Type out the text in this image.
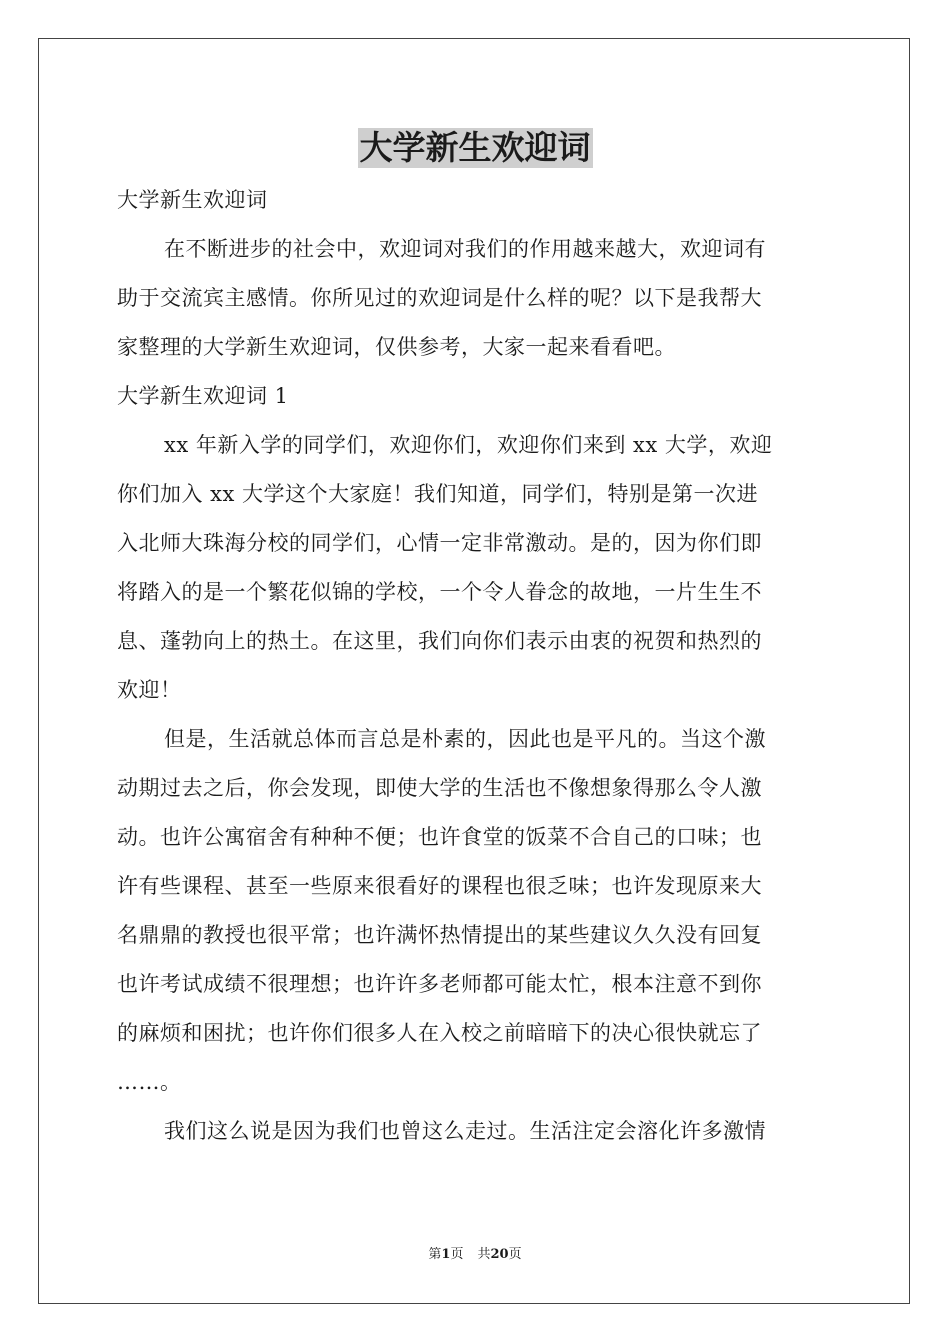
大学新生欢迎词
大学新生欢迎词
在不断进步的社会中，欢迎词对我们的作用越来越大，欢迎词有
助于交流宾主感情。你所见过的欢迎词是什么样的呢？以下是我帮大
家整理的大学新生欢迎词，仅供参考，大家一起来看看吧。
大学新生欢迎词 1
xx 年新入学的同学们，欢迎你们，欢迎你们来到 xx 大学，欢迎
你们加入 xx 大学这个大家庭！我们知道，同学们，特别是第一次进
入北师大珠海分校的同学们，心情一定非常激动。是的，因为你们即
将踏入的是一个繁花似锦的学校，一个令人眷念的故地，一片生生不
息、蓬勃向上的热土。在这里，我们向你们表示由衷的祝贺和热烈的
欢迎！
但是，生活就总体而言总是朴素的，因此也是平凡的。当这个激
动期过去之后，你会发现，即使大学的生活也不像想象得那么令人激
动。也许公寓宿舍有种种不便；也许食堂的饭菜不合自己的口味；也
许有些课程、甚至一些原来很看好的课程也很乏味；也许发现原来大
名鼎鼎的教授也很平常；也许满怀热情提出的某些建议久久没有回复
也许考试成绩不很理想；也许许多老师都可能太忙，根本注意不到你
的麻烦和困扰；也许你们很多人在入校之前暗暗下的决心很快就忘了
……。
我们这么说是因为我们也曾这么走过。生活注定会溶化许多激情
第1页 共20页
